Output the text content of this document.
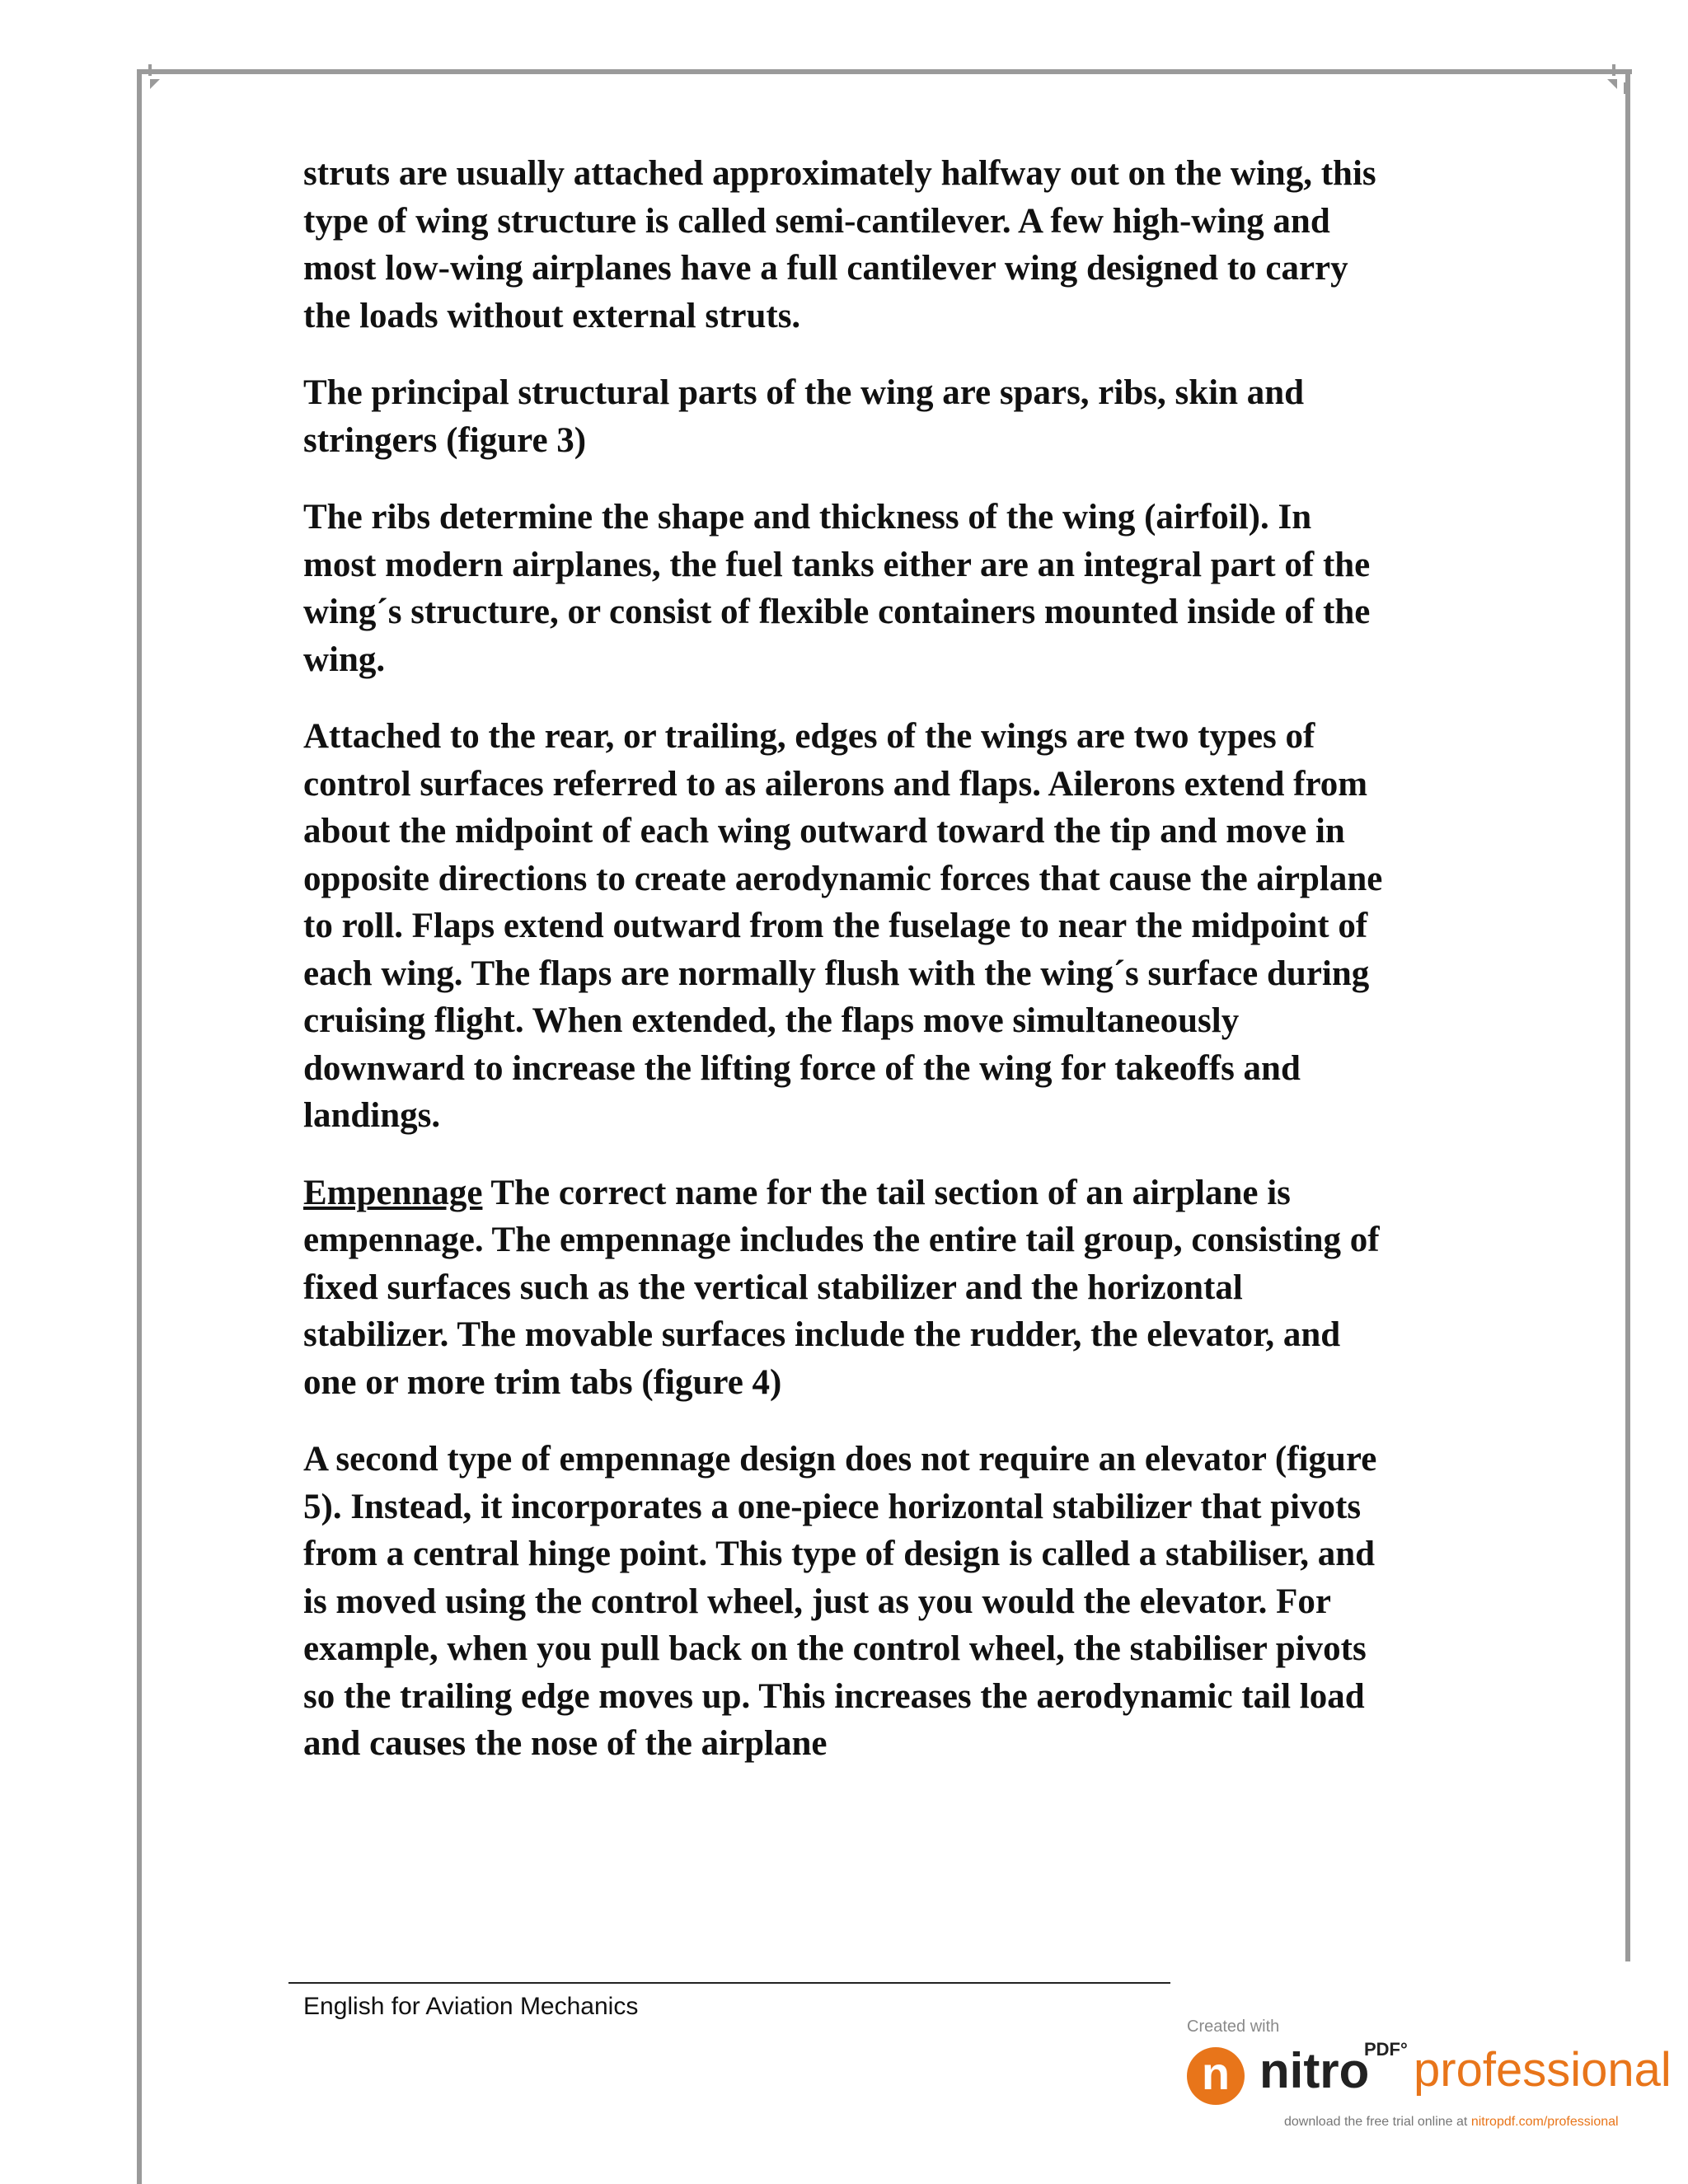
struts are usually attached approximately halfway out on the wing, this type of wing structure is called semi-cantilever. A few high-wing and most low-wing airplanes have a full cantilever wing designed to carry the loads without external struts.

The principal structural parts of the wing are spars, ribs, skin and stringers (figure 3)

The ribs determine the shape and thickness of the wing (airfoil). In most modern airplanes, the fuel tanks either are an integral part of the wing´s structure, or consist of flexible containers mounted inside of the wing.

Attached to the rear, or trailing, edges of the wings are two types of control surfaces referred to as ailerons and flaps. Ailerons extend from about the midpoint of each wing outward toward the tip and move in opposite directions to create aerodynamic forces that cause the airplane to roll. Flaps extend outward from the fuselage to near the midpoint of each wing. The flaps are normally flush with the wing´s surface during cruising flight. When extended, the flaps move simultaneously downward to increase the lifting force of the wing for takeoffs and landings.

Empennage The correct name for the tail section of an airplane is empennage. The empennage includes the entire tail group, consisting of fixed surfaces such as the vertical stabilizer and the horizontal stabilizer. The movable surfaces include the rudder, the elevator, and one or more trim tabs (figure 4)

A second type of empennage design does not require an elevator (figure 5). Instead, it incorporates a one-piece horizontal stabilizer that pivots from a central hinge point. This type of design is called a stabiliser, and is moved using the control wheel, just as you would the elevator. For example, when you pull back on the control wheel, the stabiliser pivots so the trailing edge moves up. This increases the aerodynamic tail load and causes the nose of the airplane

English for Aviation Mechanics
Created with
n nitro
PDF° professional
download the free trial online at nitropdf.com/professional
